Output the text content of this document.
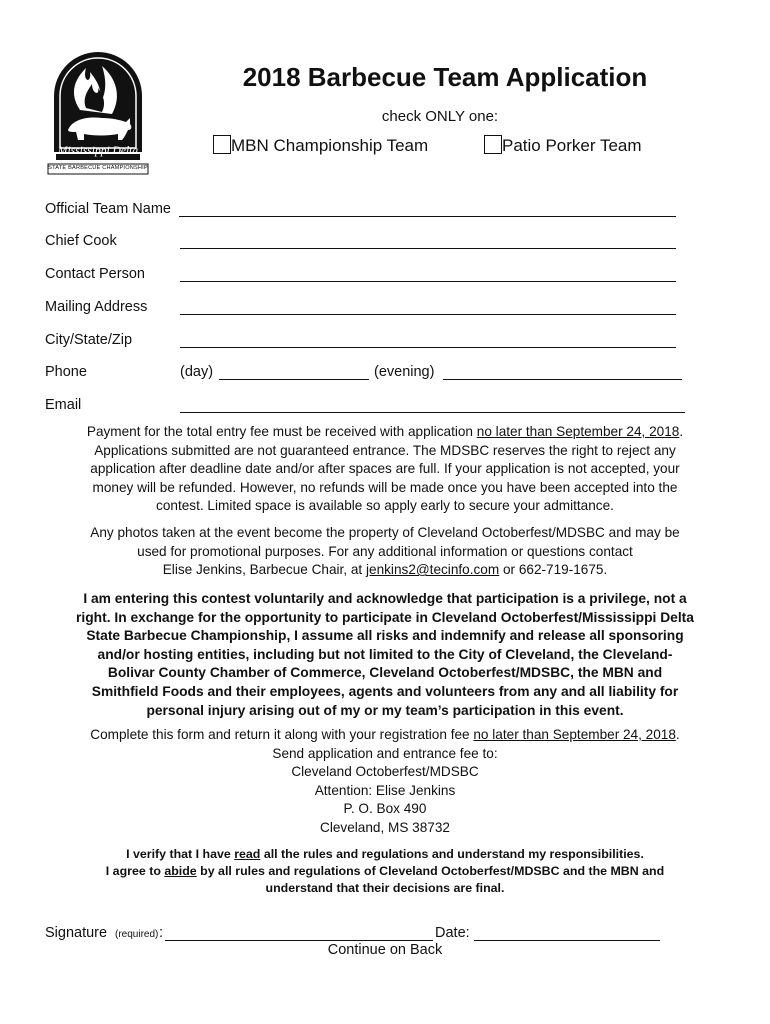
Mississippi Delta
STATE BARBECUE CHAMPIONSHIP
2018 Barbecue Team Application
check ONLY one:
MBN Championship Team	Patio Porker Team
Official Team Name
Chief Cook
Contact Person
Mailing Address
City/State/Zip
Phone	(day)	(evening)
Email
Payment for the total entry fee must be received with application no later than September 24, 2018.
Applications submitted are not guaranteed entrance. The MDSBC reserves the right to reject any
application after deadline date and/or after spaces are full. If your application is not accepted, your
money will be refunded. However, no refunds will be made once you have been accepted into the
contest. Limited space is available so apply early to secure your admittance.
Any photos taken at the event become the property of Cleveland Octoberfest/MDSBC and may be
used for promotional purposes. For any additional information or questions contact
Elise Jenkins, Barbecue Chair, at jenkins2@tecinfo.com or 662-719-1675.
I am entering this contest voluntarily and acknowledge that participation is a privilege, not a
right. In exchange for the opportunity to participate in Cleveland Octoberfest/Mississippi Delta
State Barbecue Championship, I assume all risks and indemnify and release all sponsoring
and/or hosting entities, including but not limited to the City of Cleveland, the Cleveland-
Bolivar County Chamber of Commerce, Cleveland Octoberfest/MDSBC, the MBN and
Smithfield Foods and their employees, agents and volunteers from any and all liability for
personal injury arising out of my or my team’s participation in this event.
Complete this form and return it along with your registration fee no later than September 24, 2018.
Send application and entrance fee to:
Cleveland Octoberfest/MDSBC
Attention: Elise Jenkins
P. O. Box 490
Cleveland, MS 38732
I verify that I have read all the rules and regulations and understand my responsibilities.
I agree to abide by all rules and regulations of Cleveland Octoberfest/MDSBC and the MBN and
understand that their decisions are final.
Signature (required) :	Date:
Continue on Back
